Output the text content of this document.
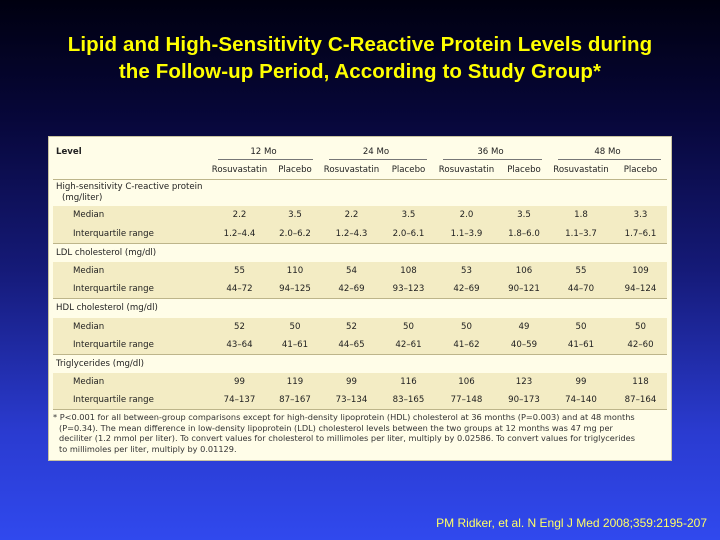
Lipid and High-Sensitivity C-Reactive Protein Levels during
the Follow-up Period, According to Study Group*
Level	12 Mo		24 Mo		36 Mo		48 Mo	

	Rosuvastatin	Placebo	Rosuvastatin	Placebo	Rosuvastatin	Placebo	Rosuvastatin	Placebo

High-sensitivity C-reactive protein
(mg/liter)								

Median	2.2	3.5	2.2	3.5	2.0	3.5	1.8	3.3
Interquartile range	1.2–4.4	2.0–6.2	1.2–4.3	2.0–6.1	1.1–3.9	1.8–6.0	1.1–3.7	1.7–6.1

LDL cholesterol (mg/dl)								

Median	55	110	54	108	53	106	55	109
Interquartile range	44–72	94–125	42–69	93–123	42–69	90–121	44–70	94–124

HDL cholesterol (mg/dl)								

Median	52	50	52	50	50	49	50	50
Interquartile range	43–64	41–61	44–65	42–61	41–62	40–59	41–61	42–60

Triglycerides (mg/dl)								

Median	99	119	99	116	106	123	99	118
Interquartile range	74–137	87–167	73–134	83–165	77–148	90–173	74–140	87–164
* P<0.001 for all between-group comparisons except for high-density lipoprotein (HDL) cholesterol at 36 months (P=0.003) and at 48 months
(P=0.34). The mean difference in low-density lipoprotein (LDL) cholesterol levels between the two groups at 12 months was 47 mg per
deciliter (1.2 mmol per liter). To convert values for cholesterol to millimoles per liter, multiply by 0.02586. To convert values for triglycerides
to millimoles per liter, multiply by 0.01129.
PM Ridker, et al. N Engl J Med 2008;359:2195-207
